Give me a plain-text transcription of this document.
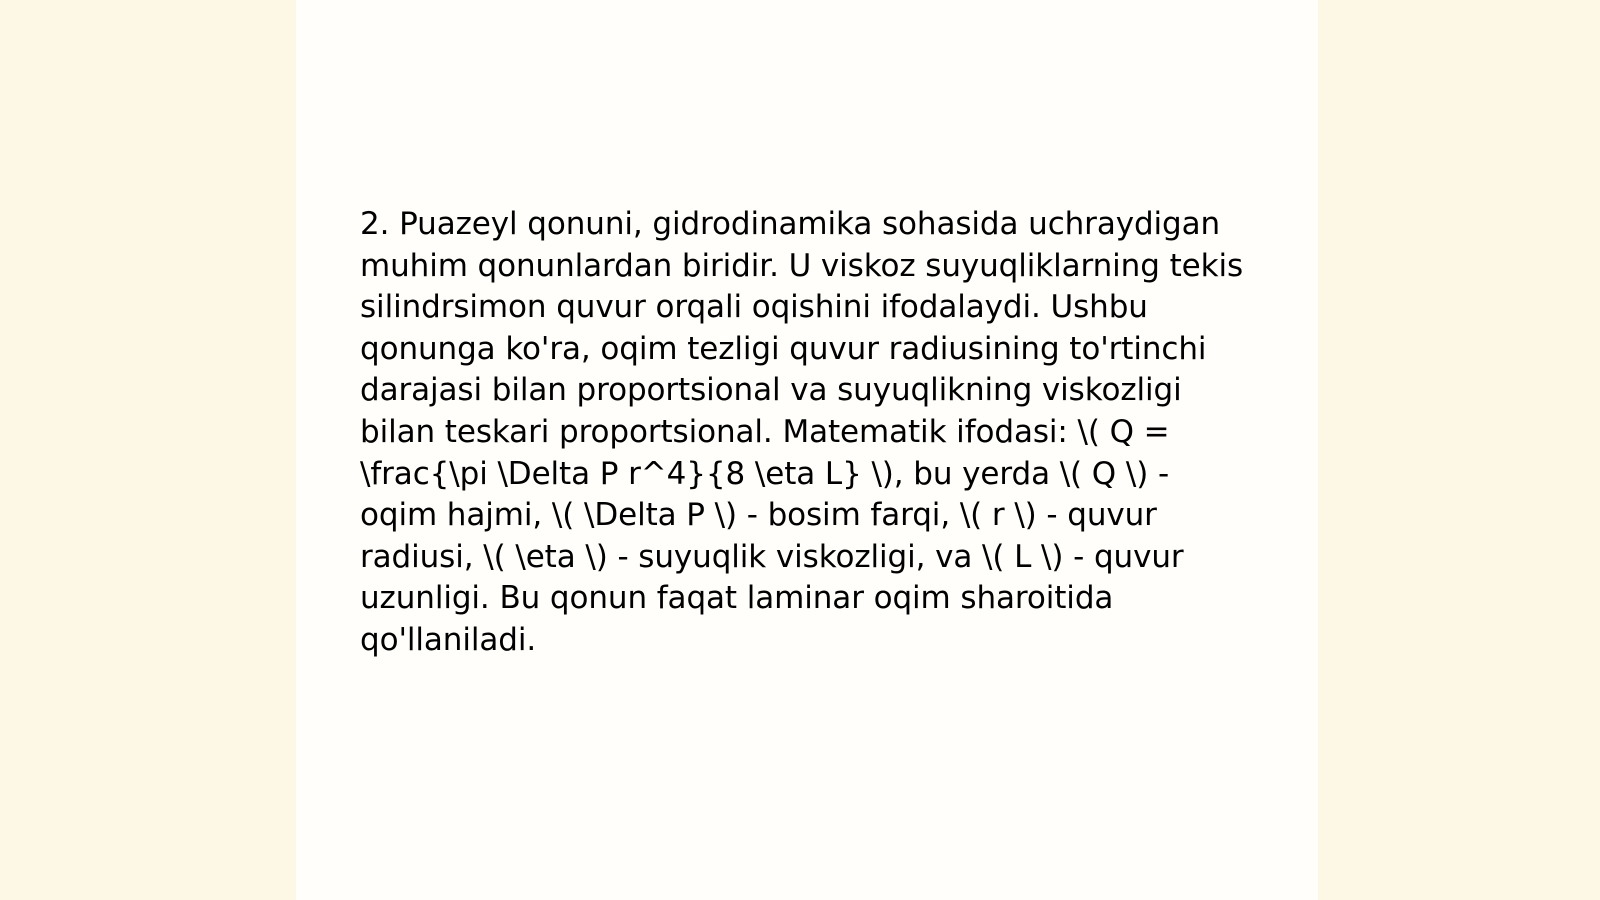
2. Puazeyl qonuni, gidrodinamika sohasida uchraydigan muhim qonunlardan biridir. U viskoz suyuqliklarning tekis silindrsimon quvur orqali oqishini ifodalaydi. Ushbu qonunga ko'ra, oqim tezligi quvur radiusining to'rtinchi darajasi bilan proportsional va suyuqlikning viskozligi bilan teskari proportsional. Matematik ifodasi: \( Q = \frac{\pi \Delta P r^4}{8 \eta L} \), bu yerda \( Q \) - oqim hajmi, \( \Delta P \) - bosim farqi, \( r \) - quvur radiusi, \( \eta \) - suyuqlik viskozligi, va \( L \) - quvur uzunligi. Bu qonun faqat laminar oqim sharoitida qo'llaniladi.
